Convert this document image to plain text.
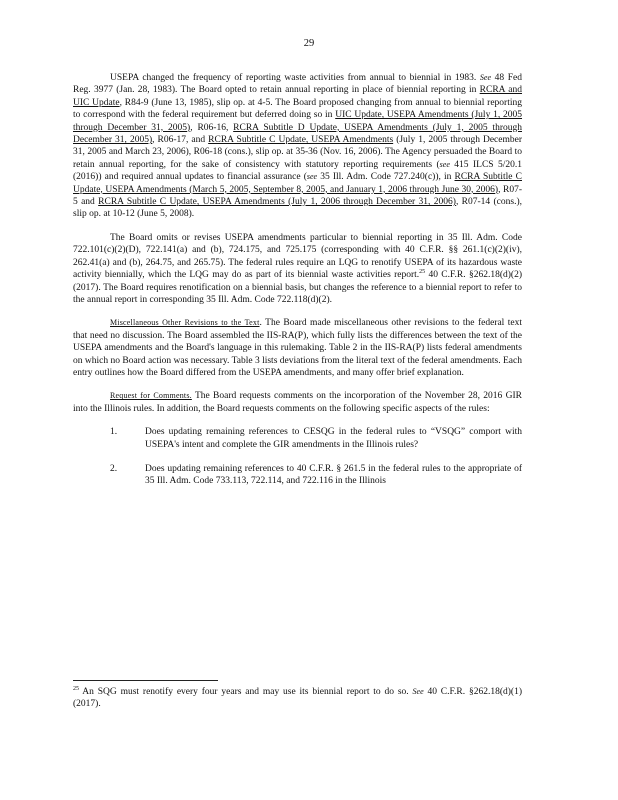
29

USEPA changed the frequency of reporting waste activities from annual to biennial in 1983. See 48 Fed Reg. 3977 (Jan. 28, 1983). The Board opted to retain annual reporting in place of biennial reporting in RCRA and UIC Update, R84-9 (June 13, 1985), slip op. at 4-5. The Board proposed changing from annual to biennial reporting to correspond with the federal requirement but deferred doing so in UIC Update, USEPA Amendments (July 1, 2005 through December 31, 2005), R06-16, RCRA Subtitle D Update, USEPA Amendments (July 1, 2005 through December 31, 2005), R06-17, and RCRA Subtitle C Update, USEPA Amendments (July 1, 2005 through December 31, 2005 and March 23, 2006), R06-18 (cons.), slip op. at 35-36 (Nov. 16, 2006). The Agency persuaded the Board to retain annual reporting, for the sake of consistency with statutory reporting requirements (see 415 ILCS 5/20.1 (2016)) and required annual updates to financial assurance (see 35 Ill. Adm. Code 727.240(c)), in RCRA Subtitle C Update, USEPA Amendments (March 5, 2005, September 8, 2005, and January 1, 2006 through June 30, 2006), R07-5 and RCRA Subtitle C Update, USEPA Amendments (July 1, 2006 through December 31, 2006), R07-14 (cons.), slip op. at 10-12 (June 5, 2008).

The Board omits or revises USEPA amendments particular to biennial reporting in 35 Ill. Adm. Code 722.101(c)(2)(D), 722.141(a) and (b), 724.175, and 725.175 (corresponding with 40 C.F.R. §§ 261.1(c)(2)(iv), 262.41(a) and (b), 264.75, and 265.75). The federal rules require an LQG to renotify USEPA of its hazardous waste activity biennially, which the LQG may do as part of its biennial waste activities report.$^{25}$ 40 C.F.R. §262.18(d)(2) (2017). The Board requires renotification on a biennial basis, but changes the reference to a biennial report to refer to the annual report in corresponding 35 Ill. Adm. Code 722.118(d)(2).

Miscellaneous Other Revisions to the Text. The Board made miscellaneous other revisions to the federal text that need no discussion. The Board assembled the IIS-RA(P), which fully lists the differences between the text of the USEPA amendments and the Board's language in this rulemaking. Table 2 in the IIS-RA(P) lists federal amendments on which no Board action was necessary. Table 3 lists deviations from the literal text of the federal amendments. Each entry outlines how the Board differed from the USEPA amendments, and many offer brief explanation.

Request for Comments. The Board requests comments on the incorporation of the November 28, 2016 GIR into the Illinois rules. In addition, the Board requests comments on the following specific aspects of the rules:

1.	Does updating remaining references to CESQG in the federal rules to “VSQG” comport with USEPA's intent and complete the GIR amendments in the Illinois rules?
2.	Does updating remaining references to 40 C.F.R. § 261.5 in the federal rules to the appropriate of 35 Ill. Adm. Code 733.113, 722.114, and 722.116 in the Illinois
$^{25}$ An SQG must renotify every four years and may use its biennial report to do so. See 40 C.F.R. §262.18(d)(1) (2017).
